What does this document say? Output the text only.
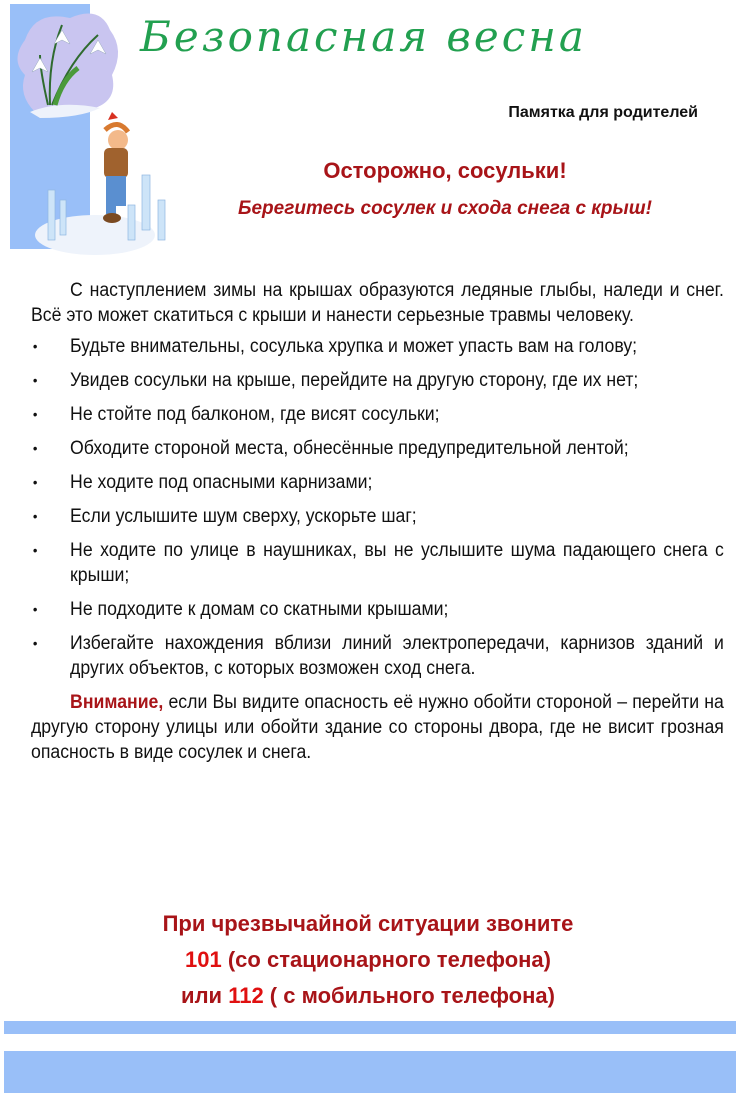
Безопасная весна
Памятка для родителей
Осторожно, сосульки!
Берегитесь сосулек и схода снега с крыш!

С наступлением зимы на крышах образуются ледяные глыбы, наледи и снег. Всё это может скатиться с крыши и нанести серьезные травмы человеку.

• Будьте внимательны, сосулька хрупка и может упасть вам на голову;
• Увидев сосульки на крыше, перейдите на другую сторону, где их нет;
• Не стойте под балконом, где висят сосульки;
• Обходите стороной места, обнесённые предупредительной лентой;
• Не ходите под опасными карнизами;
• Если услышите шум сверху, ускорьте шаг;
• Не ходите по улице в наушниках, вы не услышите шума падающего снега с крыши;
• Не подходите к домам со скатными крышами;
• Избегайте нахождения вблизи линий электропередачи, карнизов зданий и других объектов, с которых возможен сход снега.

Внимание, если Вы видите опасность её нужно обойти стороной – перейти на другую сторону улицы или обойти здание со стороны двора, где не висит грозная опасность в виде сосулек и снега.

При чрезвычайной ситуации звоните
101 (со стационарного телефона)
или 112 ( с мобильного телефона)
